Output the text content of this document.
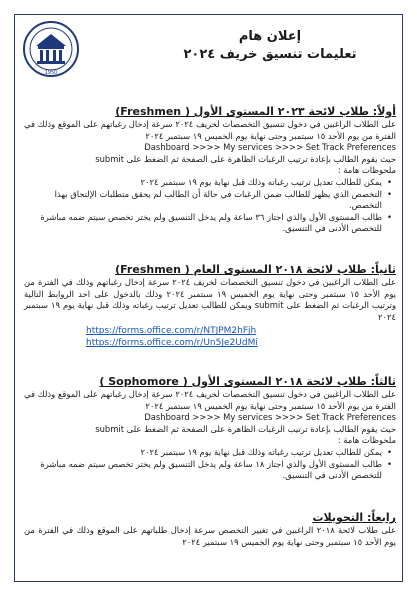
1950
إعلان هام
تعليمات تنسيق خريف ٢٠٢٤
أولاً: طلاب لائحة ٢٠٢٣ المستوى الأول ( Freshmen)

على الطلاب الراغبين في دخول تنسيق التخصصات لخريف ٢٠٢٤ سرعة إدخال رغباتهم على الموقع وذلك في الفترة من يوم الأحد ١٥ سبتمبر وحتى نهاية يوم الخميس ١٩ سبتمبر ٢٠٢٤

Dashboard >>>> My services >>>> Set Track Preferences

حيث يقوم الطالب بإعادة ترتيب الرغبات الظاهرة على الصفحة ثم الضغط على submit

ملحوظات هامة :

• يمكن للطالب تعديل ترتيب رغباته وذلك قبل نهاية يوم ١٩ سبتمبر ٢٠٢٤
• التخصص الذي يظهر للطالب ضمن الرغبات في حالة أن الطالب لم يحقق متطلبات الإلتحاق بهذا التخصص.
• طالب المستوى الأول والذي اجتاز ٣٦ ساعة ولم يدخل التنسيق ولم يختر تخصص سيتم ضمه مباشرة للتخصص الأدنى في التنسيق.
ثانياً: طلاب لائحة ٢٠١٨ المستوى العام ( Freshmen)

على الطلاب الراغبين في دخول تنسيق التخصصات لخريف ٢٠٢٤ سرعة إدخال رغباتهم وذلك في الفترة من يوم الأحد ١٥ سبتمبر وحتى نهاية يوم الخميس ١٩ سبتمبر ٢٠٢٤ وذلك بالدخول على احد الروابط التالية وترتيب الرغبات ثم الضغط على submit ويمكن للطالب تعديل ترتيب رغباته وذلك قبل نهاية يوم ١٩ سبتمبر ٢٠٢٤

https://forms.office.com/r/NTJPM2hFjh
https://forms.office.com/r/Un5Je2UdMi
ثالثاً: طلاب لائحة ٢٠١٨ المستوى الأول ( Sophomore )

على الطلاب الراغبين في دخول تنسيق التخصصات لخريف ٢٠٢٤ سرعة إدخال رغباتهم على الموقع وذلك في الفترة من يوم الأحد ١٥ سبتمبر وحتى نهاية يوم الخميس ١٩ سبتمبر ٢٠٢٤

Dashboard >>>> My services >>>> Set Track Preferences

حيث يقوم الطالب بإعادة ترتيب الرغبات الظاهرة على الصفحة ثم الضغط على submit

ملحوظات هامة :

• يمكن للطالب تعديل ترتيب رغباته وذلك قبل نهاية يوم ١٩ سبتمبر ٢٠٢٤
• طالب المستوى الأول والذي اجتاز ١٨ ساعة ولم يدخل التنسيق ولم يختر تخصص سيتم ضمه مباشرة للتخصص الأدنى في التنسيق.
رابعاً: التحويلات

على طلاب لائحة ٢٠١٨ الراغبين في تغيير التخصص سرعة إدخال طلباتهم على الموقع وذلك في الفترة من يوم الأحد ١٥ سبتمبر وحتى نهاية يوم الخميس ١٩ سبتمبر ٢٠٢٤
